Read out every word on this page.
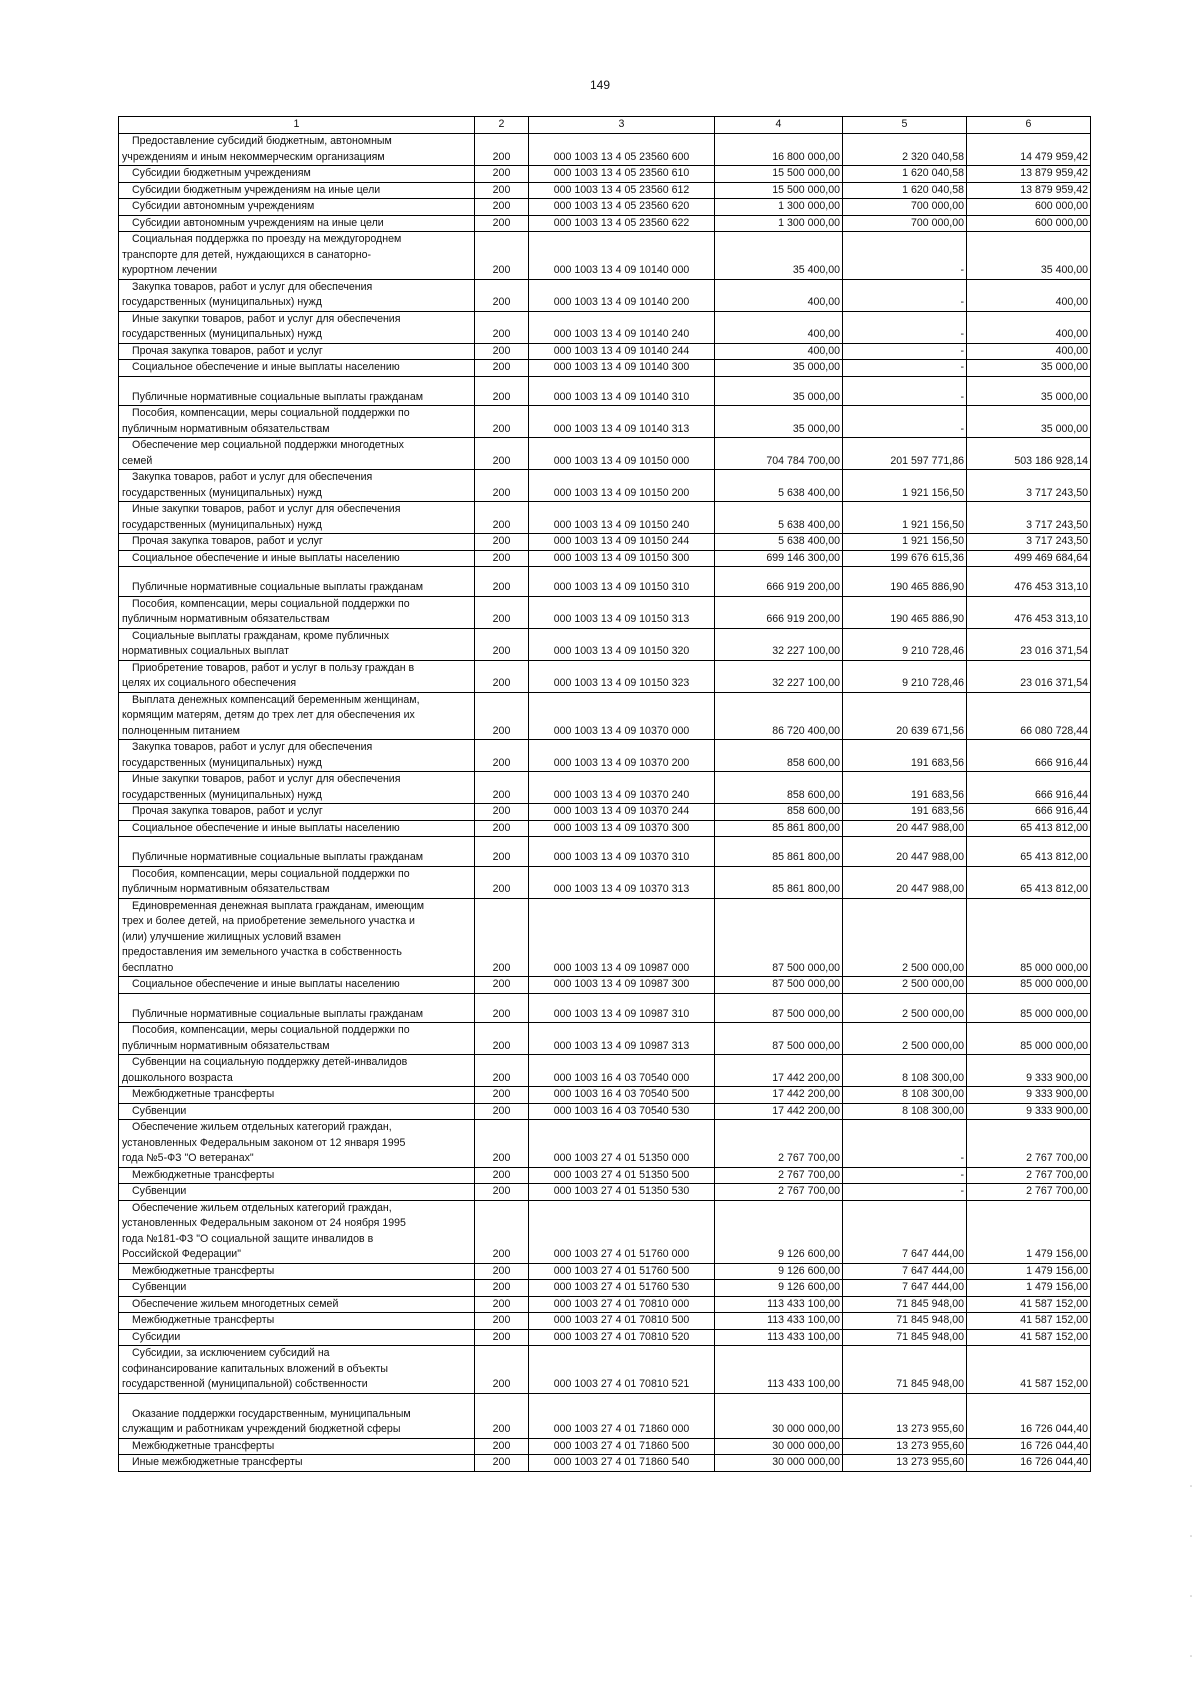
149
1	2	3	4	5	6
Предоставление субсидий бюджетным, автономным
учреждениям и иным некоммерческим организациям	200	000 1003 13 4 05 23560 600	16 800 000,00	2 320 040,58	14 479 959,42
Субсидии бюджетным учреждениям	200	000 1003 13 4 05 23560 610	15 500 000,00	1 620 040,58	13 879 959,42
Субсидии бюджетным учреждениям на иные цели	200	000 1003 13 4 05 23560 612	15 500 000,00	1 620 040,58	13 879 959,42
Субсидии автономным учреждениям	200	000 1003 13 4 05 23560 620	1 300 000,00	700 000,00	600 000,00
Субсидии автономным учреждениям на иные цели	200	000 1003 13 4 05 23560 622	1 300 000,00	700 000,00	600 000,00
Социальная поддержка по проезду на междугороднем
транспорте для детей, нуждающихся в санаторно-
курортном лечении	200	000 1003 13 4 09 10140 000	35 400,00	-	35 400,00
Закупка товаров, работ и услуг для обеспечения
государственных (муниципальных) нужд	200	000 1003 13 4 09 10140 200	400,00	-	400,00
Иные закупки товаров, работ и услуг для обеспечения
государственных (муниципальных) нужд	200	000 1003 13 4 09 10140 240	400,00	-	400,00
Прочая закупка товаров, работ и услуг	200	000 1003 13 4 09 10140 244	400,00	-	400,00
Социальное обеспечение и иные выплаты населению	200	000 1003 13 4 09 10140 300	35 000,00	-	35 000,00
Публичные нормативные социальные выплаты гражданам	200	000 1003 13 4 09 10140 310	35 000,00	-	35 000,00
Пособия, компенсации, меры социальной поддержки по
публичным нормативным обязательствам	200	000 1003 13 4 09 10140 313	35 000,00	-	35 000,00
Обеспечение мер социальной поддержки многодетных
семей	200	000 1003 13 4 09 10150 000	704 784 700,00	201 597 771,86	503 186 928,14
Закупка товаров, работ и услуг для обеспечения
государственных (муниципальных) нужд	200	000 1003 13 4 09 10150 200	5 638 400,00	1 921 156,50	3 717 243,50
Иные закупки товаров, работ и услуг для обеспечения
государственных (муниципальных) нужд	200	000 1003 13 4 09 10150 240	5 638 400,00	1 921 156,50	3 717 243,50
Прочая закупка товаров, работ и услуг	200	000 1003 13 4 09 10150 244	5 638 400,00	1 921 156,50	3 717 243,50
Социальное обеспечение и иные выплаты населению	200	000 1003 13 4 09 10150 300	699 146 300,00	199 676 615,36	499 469 684,64
Публичные нормативные социальные выплаты гражданам	200	000 1003 13 4 09 10150 310	666 919 200,00	190 465 886,90	476 453 313,10
Пособия, компенсации, меры социальной поддержки по
публичным нормативным обязательствам	200	000 1003 13 4 09 10150 313	666 919 200,00	190 465 886,90	476 453 313,10
Социальные выплаты гражданам, кроме публичных
нормативных социальных выплат	200	000 1003 13 4 09 10150 320	32 227 100,00	9 210 728,46	23 016 371,54
Приобретение товаров, работ и услуг в пользу граждан в
целях их социального обеспечения	200	000 1003 13 4 09 10150 323	32 227 100,00	9 210 728,46	23 016 371,54
Выплата денежных компенсаций беременным женщинам,
кормящим матерям, детям до трех лет для обеспечения их
полноценным питанием	200	000 1003 13 4 09 10370 000	86 720 400,00	20 639 671,56	66 080 728,44
Закупка товаров, работ и услуг для обеспечения
государственных (муниципальных) нужд	200	000 1003 13 4 09 10370 200	858 600,00	191 683,56	666 916,44
Иные закупки товаров, работ и услуг для обеспечения
государственных (муниципальных) нужд	200	000 1003 13 4 09 10370 240	858 600,00	191 683,56	666 916,44
Прочая закупка товаров, работ и услуг	200	000 1003 13 4 09 10370 244	858 600,00	191 683,56	666 916,44
Социальное обеспечение и иные выплаты населению	200	000 1003 13 4 09 10370 300	85 861 800,00	20 447 988,00	65 413 812,00
Публичные нормативные социальные выплаты гражданам	200	000 1003 13 4 09 10370 310	85 861 800,00	20 447 988,00	65 413 812,00
Пособия, компенсации, меры социальной поддержки по
публичным нормативным обязательствам	200	000 1003 13 4 09 10370 313	85 861 800,00	20 447 988,00	65 413 812,00
Единовременная денежная выплата гражданам, имеющим
трех и более детей, на приобретение земельного участка и
(или) улучшение жилищных условий взамен
предоставления им земельного участка в собственность
бесплатно	200	000 1003 13 4 09 10987 000	87 500 000,00	2 500 000,00	85 000 000,00
Социальное обеспечение и иные выплаты населению	200	000 1003 13 4 09 10987 300	87 500 000,00	2 500 000,00	85 000 000,00
Публичные нормативные социальные выплаты гражданам	200	000 1003 13 4 09 10987 310	87 500 000,00	2 500 000,00	85 000 000,00
Пособия, компенсации, меры социальной поддержки по
публичным нормативным обязательствам	200	000 1003 13 4 09 10987 313	87 500 000,00	2 500 000,00	85 000 000,00
Субвенции на социальную поддержку детей-инвалидов
дошкольного возраста	200	000 1003 16 4 03 70540 000	17 442 200,00	8 108 300,00	9 333 900,00
Межбюджетные трансферты	200	000 1003 16 4 03 70540 500	17 442 200,00	8 108 300,00	9 333 900,00
Субвенции	200	000 1003 16 4 03 70540 530	17 442 200,00	8 108 300,00	9 333 900,00
Обеспечение жильем отдельных категорий граждан,
установленных Федеральным законом от 12 января 1995
года №5-ФЗ "О ветеранах"	200	000 1003 27 4 01 51350 000	2 767 700,00	-	2 767 700,00
Межбюджетные трансферты	200	000 1003 27 4 01 51350 500	2 767 700,00	-	2 767 700,00
Субвенции	200	000 1003 27 4 01 51350 530	2 767 700,00	-	2 767 700,00
Обеспечение жильем отдельных категорий граждан,
установленных Федеральным законом от 24 ноября 1995
года №181-ФЗ "О социальной защите инвалидов в
Российской Федерации"	200	000 1003 27 4 01 51760 000	9 126 600,00	7 647 444,00	1 479 156,00
Межбюджетные трансферты	200	000 1003 27 4 01 51760 500	9 126 600,00	7 647 444,00	1 479 156,00
Субвенции	200	000 1003 27 4 01 51760 530	9 126 600,00	7 647 444,00	1 479 156,00
Обеспечение жильем многодетных семей	200	000 1003 27 4 01 70810 000	113 433 100,00	71 845 948,00	41 587 152,00
Межбюджетные трансферты	200	000 1003 27 4 01 70810 500	113 433 100,00	71 845 948,00	41 587 152,00
Субсидии	200	000 1003 27 4 01 70810 520	113 433 100,00	71 845 948,00	41 587 152,00
Субсидии, за исключением субсидий на
софинансирование капитальных вложений в объекты
государственной (муниципальной) собственности	200	000 1003 27 4 01 70810 521	113 433 100,00	71 845 948,00	41 587 152,00
Оказание поддержки государственным, муниципальным
служащим и работникам учреждений бюджетной сферы	200	000 1003 27 4 01 71860 000	30 000 000,00	13 273 955,60	16 726 044,40
Межбюджетные трансферты	200	000 1003 27 4 01 71860 500	30 000 000,00	13 273 955,60	16 726 044,40
Иные межбюджетные трансферты	200	000 1003 27 4 01 71860 540	30 000 000,00	13 273 955,60	16 726 044,40
